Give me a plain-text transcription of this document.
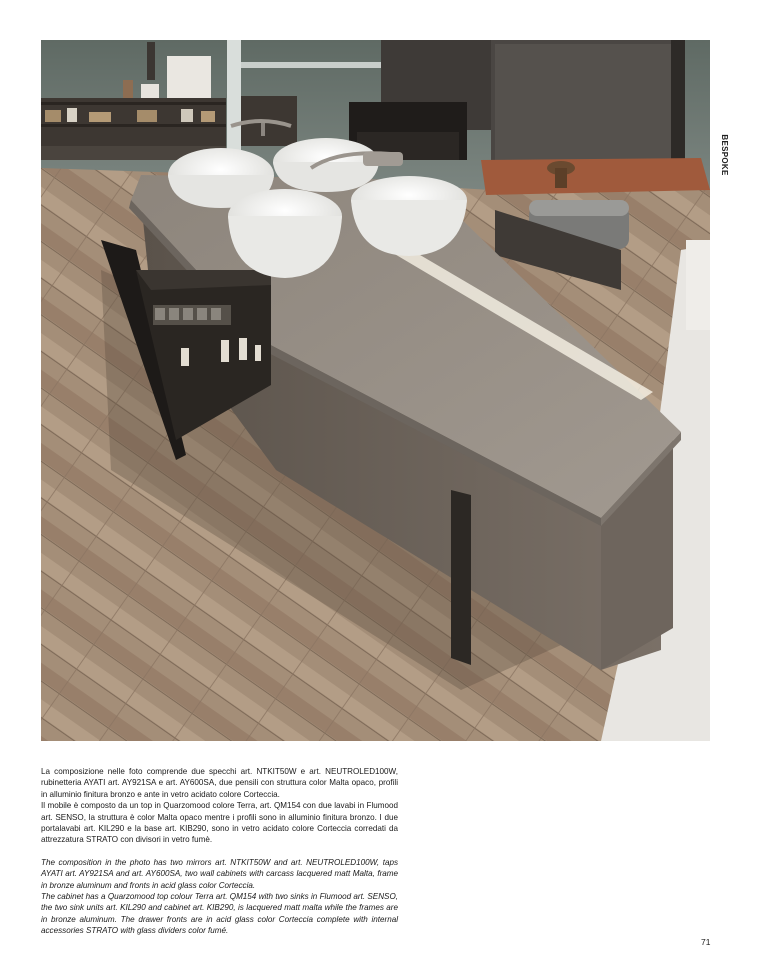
BESPOKE

La composizione nelle foto comprende due specchi art. NTKIT50W e art. NEUTROLED100W, rubinetteria AYATI art. AY921SA e art. AY600SA, due pensili con struttura color Malta opaco, profili in alluminio finitura bronzo e ante in vetro acidato colore Corteccia.
Il mobile è composto da un top in Quarzomood colore Terra, art. QM154 con due lavabi in Flumood art. SENSO, la struttura è color Malta opaco mentre i profili sono in alluminio finitura bronzo. I due portalavabi art. KIL290 e la base art. KIB290, sono in vetro acidato colore Corteccia corredati da attrezzatura STRATO con divisori in vetro fumè.

The composition in the photo has two mirrors art. NTKIT50W and art. NEUTROLED100W, taps AYATI art. AY921SA and art. AY600SA, two wall cabinets with carcass lacquered matt Malta, frame in bronze aluminum and fronts in acid glass color Corteccia.
The cabinet has a Quarzomood top colour Terra art. QM154 with two sinks in Flumood art. SENSO, the two sink units art. KIL290 and cabinet art. KIB290, is lacquered matt malta while the frames are in bronze aluminum. The drawer fronts are in acid glass color Corteccia complete with internal accessories STRATO with glass dividers color fumé.

71
